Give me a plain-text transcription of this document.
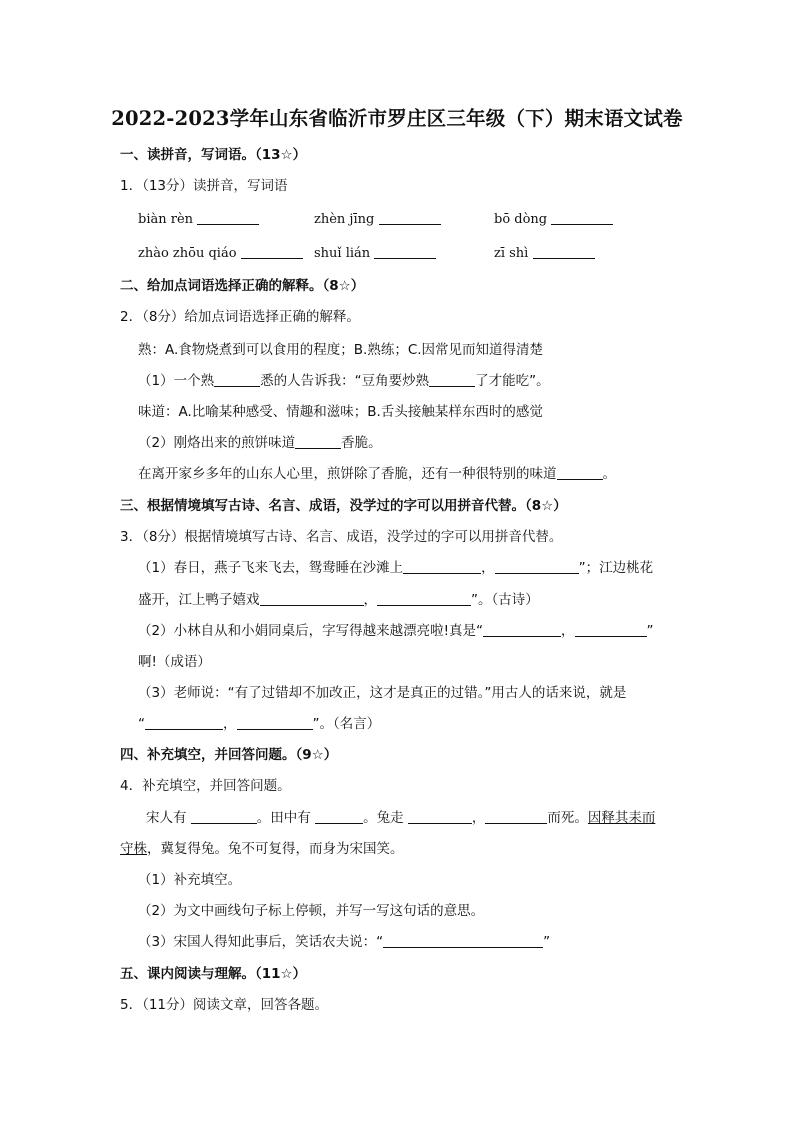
2022-2023学年山东省临沂市罗庄区三年级（下）期末语文试卷
一、读拼音，写词语。（13☆）
1．（13分）读拼音，写词语
biàn rèn	zhèn jīng	bō dòng
zhào zhōu qiáo	shuǐ lián	zī shì
二、给加点词语选择正确的解释。（8☆）
2．（8分）给加点词语选择正确的解释。
熟：A.食物烧煮到可以食用的程度；B.熟练；C.因常见而知道得清楚
（1）一个熟	悉的人告诉我：“豆角要炒熟	了才能吃”。
味道：A.比喻某种感受、情趣和滋味；B.舌头接触某样东西时的感觉
（2）刚烙出来的煎饼味道	香脆。
在离开家乡多年的山东人心里，煎饼除了香脆，还有一种很特别的味道	。
三、根据情境填写古诗、名言、成语，没学过的字可以用拼音代替。（8☆）
3．（8分）根据情境填写古诗、名言、成语，没学过的字可以用拼音代替。
（1）春日，燕子飞来飞去，鸳鸯睡在沙滩上	，	”；江边桃花
盛开，江上鸭子嬉戏	，	”。（古诗）
（2）小林自从和小娟同桌后，字写得越来越漂亮啦!真是“	，	”
啊!（成语）
（3）老师说：“有了过错却不加改正，这才是真正的过错。”用古人的话来说，就是
“	，	”。（名言）
四、补充填空，并回答问题。（9☆）
4．补充填空，并回答问题。
宋人有	。田中有	。兔走	，	而死。因释其耒而
守株，冀复得兔。兔不可复得，而身为宋国笑。
（1）补充填空。
（2）为文中画线句子标上停顿，并写一写这句话的意思。
（3）宋国人得知此事后，笑话农夫说：“	”
五、课内阅读与理解。（11☆）
5．（11分）阅读文章，回答各题。
